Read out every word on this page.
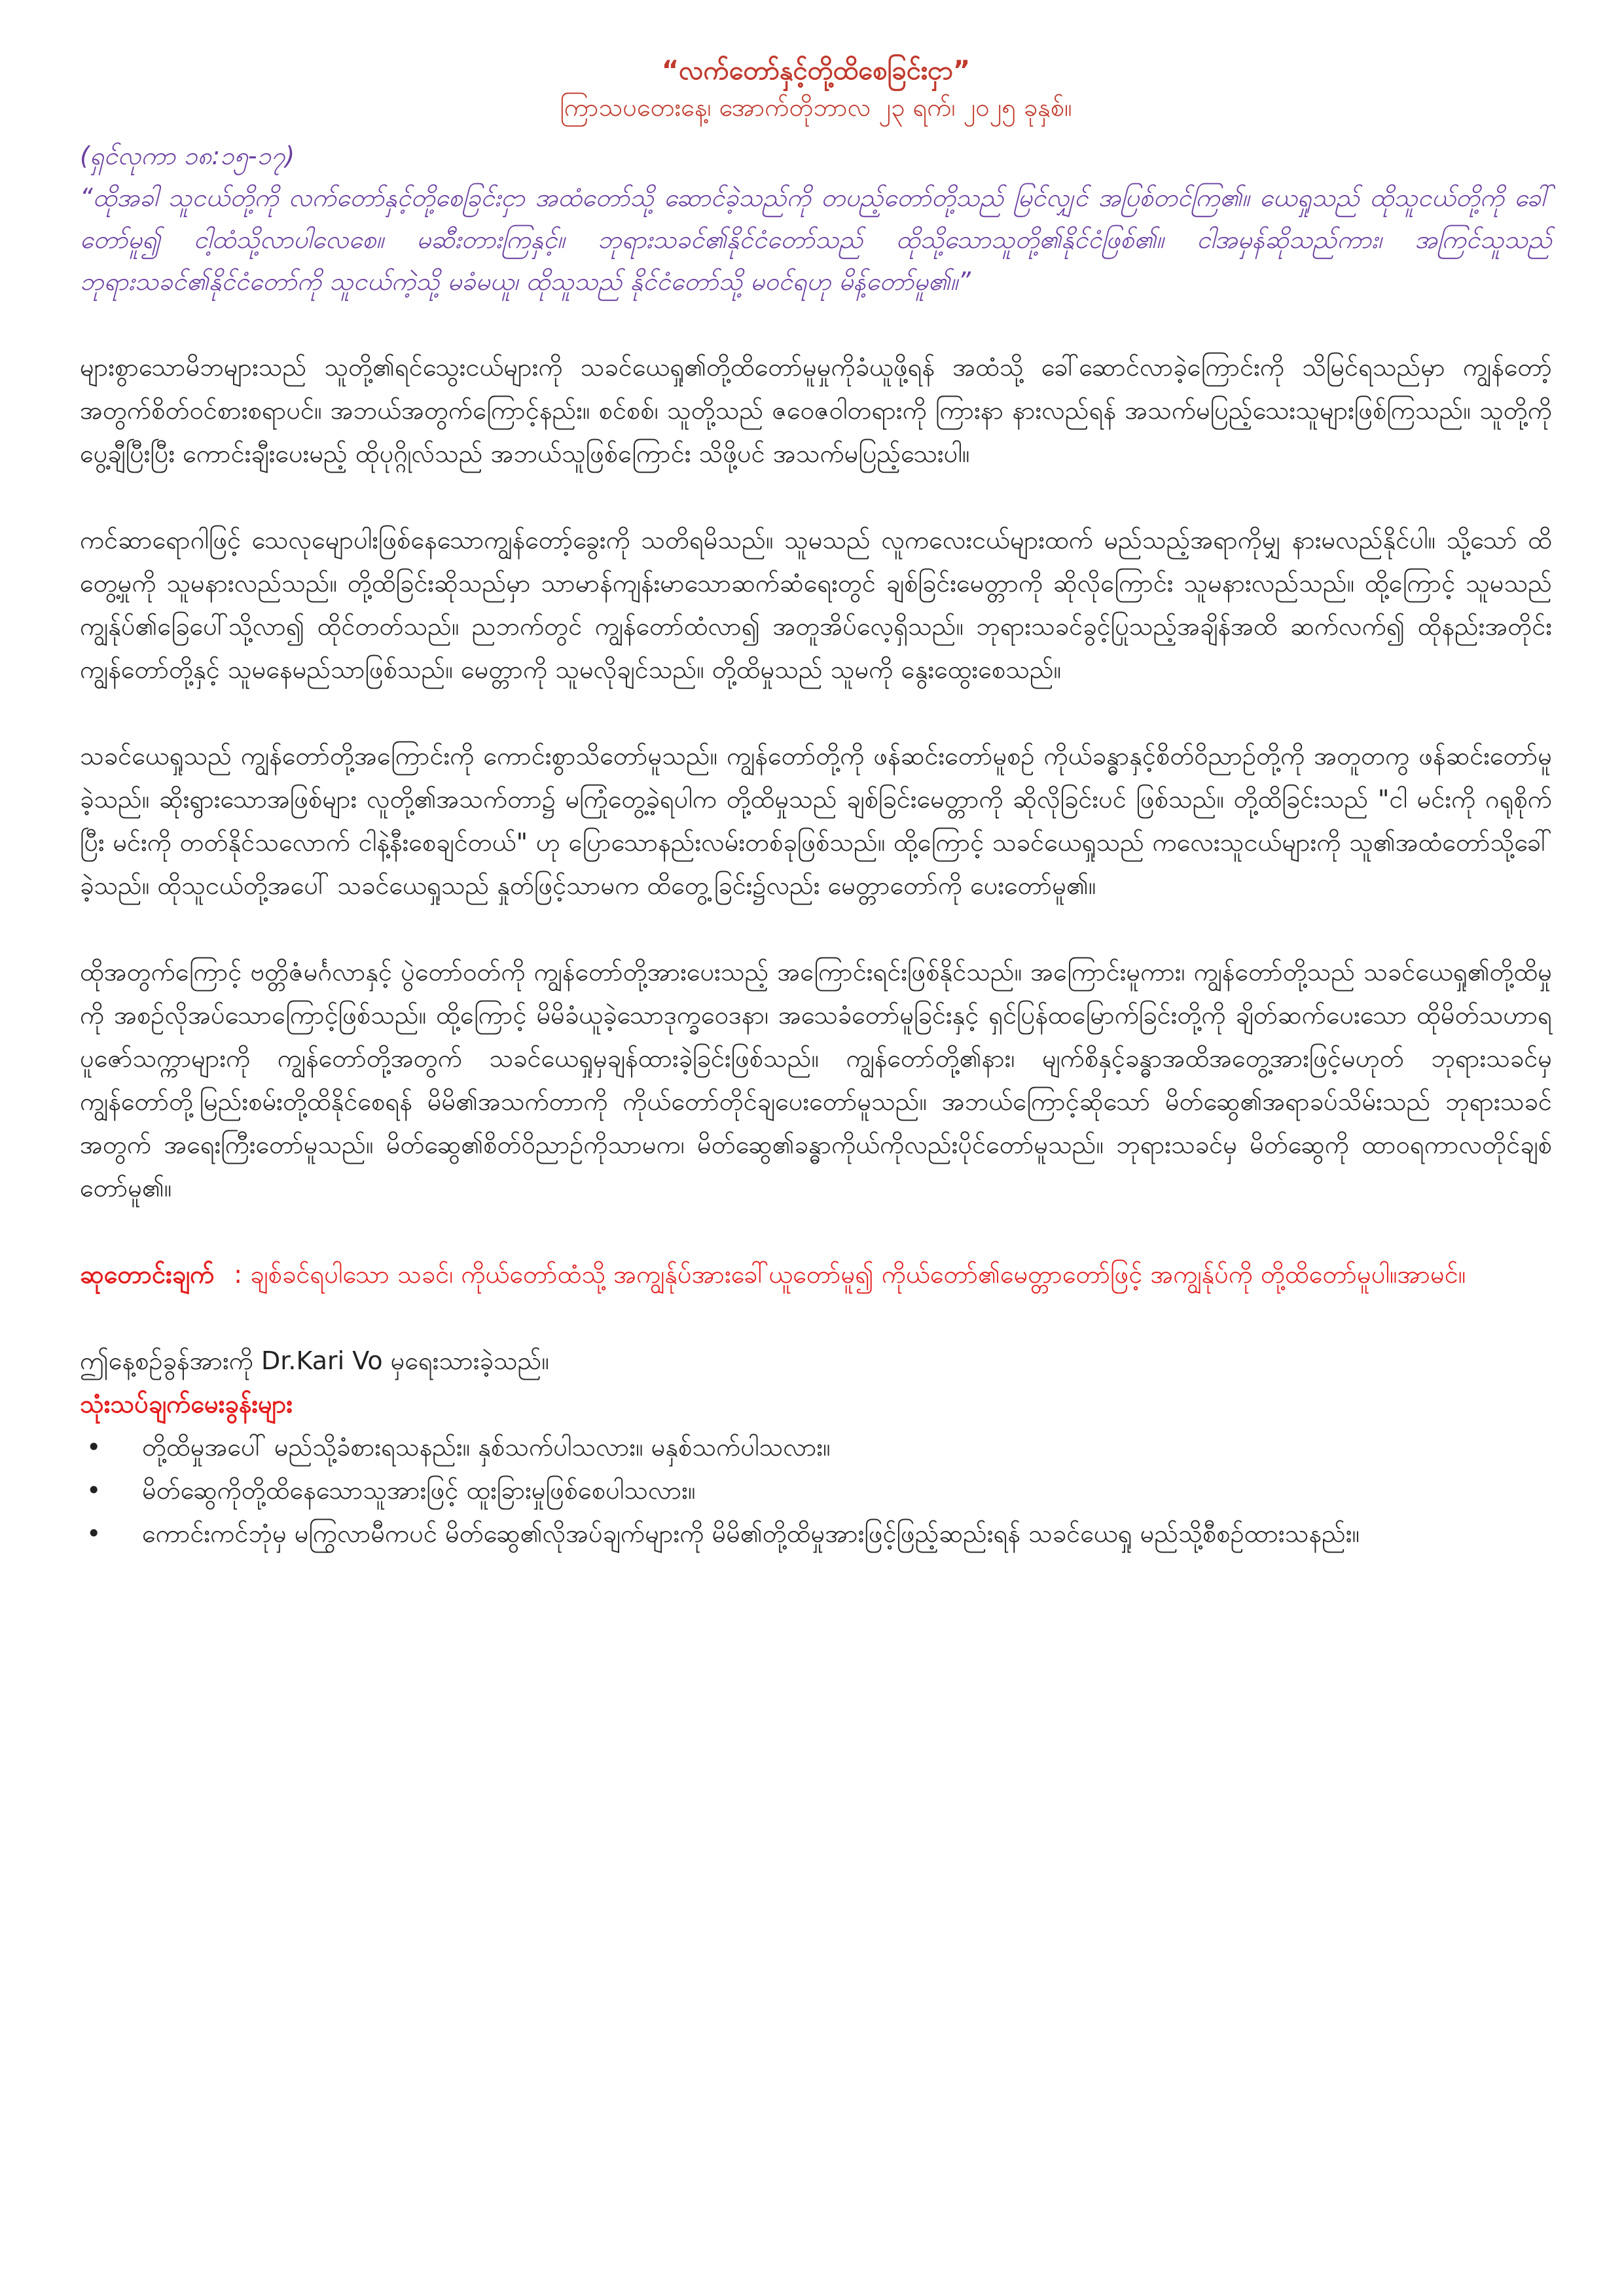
“လက်တော်နှင့်တို့ထိစေခြင်းငှာ”

ကြာသပတေးနေ့၊ အောက်တိုဘာလ ၂၃ ရက်၊ ၂၀၂၅ ခုနှစ်။

(ရှင်လုကာ ၁၈:၁၅-၁၇)

“ထိုအခါ သူငယ်တို့ကို လက်တော်နှင့်တို့စေခြင်းငှာ အထံတော်သို့ ဆောင်ခဲ့သည်ကို တပည့်တော်တို့သည် မြင်လျှင် အပြစ်တင်ကြ၏။ ယေရှုသည် ထိုသူငယ်တို့ကို ခေါ်တော်မူ၍ ငါ့ထံသို့လာပါလေစေ။ မဆီးတားကြနှင့်။ ဘုရားသခင်၏နိုင်ငံတော်သည် ထိုသို့သောသူတို့၏နိုင်ငံဖြစ်၏။ ငါအမှန်ဆိုသည်ကား၊ အကြင်သူသည် ဘုရားသခင်၏နိုင်ငံတော်ကို သူငယ်ကဲ့သို့ မခံမယူ၊ ထိုသူသည် နိုင်ငံတော်သို့ မဝင်ရဟု မိန့်တော်မူ၏။”

များစွာသောမိဘများသည် သူတို့၏ရင်သွေးငယ်များကို သခင်ယေရှု၏တို့ထိတော်မူမှုကိုခံယူဖို့ရန် အထံသို့ ခေါ်ဆောင်လာခဲ့ကြောင်းကို သိမြင်ရသည်မှာ ကျွန်တော့်အတွက်စိတ်ဝင်စားစရာပင်။ အဘယ်အတွက်ကြောင့်နည်း။ စင်စစ်၊ သူတို့သည် ဇဝေဇဝါတရားကို ကြားနာ နားလည်ရန် အသက်မပြည့်သေးသူများဖြစ်ကြသည်။ သူတို့ကိုပွေ့ချီပြီးပြီး ကောင်းချီးပေးမည့် ထိုပုဂ္ဂိုလ်သည် အဘယ်သူဖြစ်ကြောင်း သိဖို့ပင် အသက်မပြည့်သေးပါ။

ကင်ဆာရောဂါဖြင့် သေလုမျောပါးဖြစ်နေသောကျွန်တော့်ခွေးကို သတိရမိသည်။ သူမသည် လူကလေးငယ်များထက် မည်သည့်အရာကိုမျှ နားမလည်နိုင်ပါ။ သို့သော် ထိတွေ့မှုကို သူမနားလည်သည်။ တို့ထိခြင်းဆိုသည်မှာ သာမာန်ကျန်းမာသောဆက်ဆံရေးတွင် ချစ်ခြင်းမေတ္တာကို ဆိုလိုကြောင်း သူမနားလည်သည်။ ထို့ကြောင့် သူမသည် ကျွန်ုပ်၏ခြေပေါ်သို့လာ၍ ထိုင်တတ်သည်။ ညဘက်တွင် ကျွန်တော်ထံလာ၍ အတူအိပ်လေ့ရှိသည်။ ဘုရားသခင်ခွင့်ပြုသည့်အချိန်အထိ ဆက်လက်၍ ထိုနည်းအတိုင်း ကျွန်တော်တို့နှင့် သူမနေမည်သာဖြစ်သည်။ မေတ္တာကို သူမလိုချင်သည်။ တို့ထိမှုသည် သူမကို နွေးထွေးစေသည်။

သခင်ယေရှုသည် ကျွန်တော်တို့အကြောင်းကို ကောင်းစွာသိတော်မူသည်။ ကျွန်တော်တို့ကို ဖန်ဆင်းတော်မူစဉ် ကိုယ်ခန္ဓာနှင့်စိတ်ဝိညာဉ်တို့ကို အတူတကွ ဖန်ဆင်းတော်မူခဲ့သည်။ ဆိုးရွားသောအဖြစ်များ လူတို့၏အသက်တာ၌ မကြုံတွေ့ခဲ့ရပါက တို့ထိမှုသည် ချစ်ခြင်းမေတ္တာကို ဆိုလိုခြင်းပင် ဖြစ်သည်။ တို့ထိခြင်းသည် "ငါ မင်းကို ဂရုစိုက်ပြီး မင်းကို တတ်နိုင်သလောက် ငါနဲ့နီးစေချင်တယ်" ဟု ပြောသောနည်းလမ်းတစ်ခုဖြစ်သည်။ ထို့ကြောင့် သခင်ယေရှုသည် ကလေးသူငယ်များကို သူ၏အထံတော်သို့ခေါ်ခဲ့သည်။ ထိုသူငယ်တို့အပေါ် သခင်ယေရှုသည် နှုတ်ဖြင့်သာမက ထိတွေ့ခြင်း၌လည်း မေတ္တာတော်ကို ပေးတော်မူ၏။

ထိုအတွက်ကြောင့် ဗတ္တိဇံမင်္ဂလာနှင့် ပွဲတော်ဝတ်ကို ကျွန်တော်တို့အားပေးသည့် အကြောင်းရင်းဖြစ်နိုင်သည်။ အကြောင်းမူကား၊ ကျွန်တော်တို့သည် သခင်ယေရှု၏တို့ထိမှုကို အစဉ်လိုအပ်သောကြောင့်ဖြစ်သည်။ ထို့ကြောင့် မိမိခံယူခဲ့သောဒုက္ခဝေဒနာ၊ အသေခံတော်မူခြင်းနှင့် ရှင်ပြန်ထမြောက်ခြင်းတို့ကို ချိတ်ဆက်ပေးသော ထိုမိတ်သဟာရပူဇော်သက္ကာများကို ကျွန်တော်တို့အတွက် သခင်ယေရှုမှချန်ထားခဲ့ခြင်းဖြစ်သည်။ ကျွန်တော်တို့၏နား၊ မျက်စိနှင့်ခန္ဓာအထိအတွေ့အားဖြင့်မဟုတ် ဘုရားသခင်မှ ကျွန်တော်တို့မြည်းစမ်းတို့ထိနိုင်စေရန် မိမိ၏အသက်တာကို ကိုယ်တော်တိုင်ချပေးတော်မူသည်။ အဘယ်ကြောင့်ဆိုသော် မိတ်ဆွေ၏အရာခပ်သိမ်းသည် ဘုရားသခင်အတွက် အရေးကြီးတော်မူသည်။ မိတ်ဆွေ၏စိတ်ဝိညာဉ်ကိုသာမက၊ မိတ်ဆွေ၏ခန္ဓာကိုယ်ကိုလည်းပိုင်တော်မူသည်။ ဘုရားသခင်မှ မိတ်ဆွေကို ထာဝရကာလတိုင်ချစ်တော်မူ၏။

ဆုတောင်းချက် : ချစ်ခင်ရပါသော သခင်၊ ကိုယ်တော်ထံသို့ အကျွန်ုပ်အားခေါ်ယူတော်မူ၍ ကိုယ်တော်၏မေတ္တာတော်ဖြင့် အကျွန်ုပ်ကို တို့ထိတော်မူပါ။အာမင်။

ဤနေ့စဉ်ခွန်အားကို Dr.Kari Vo မှရေးသားခဲ့သည်။

သုံးသပ်ချက်မေးခွန်းများ

•	တို့ထိမှုအပေါ် မည်သို့ခံစားရသနည်း။ နှစ်သက်ပါသလား။ မနှစ်သက်ပါသလား။
•	မိတ်ဆွေကိုတို့ထိနေသောသူအားဖြင့် ထူးခြားမှုဖြစ်စေပါသလား။
•	ကောင်းကင်ဘုံမှ မကြွလာမီကပင် မိတ်ဆွေ၏လိုအပ်ချက်များကို မိမိ၏တို့ထိမှုအားဖြင့်ဖြည့်ဆည်းရန် သခင်ယေရှု မည်သို့စီစဉ်ထားသနည်း။
